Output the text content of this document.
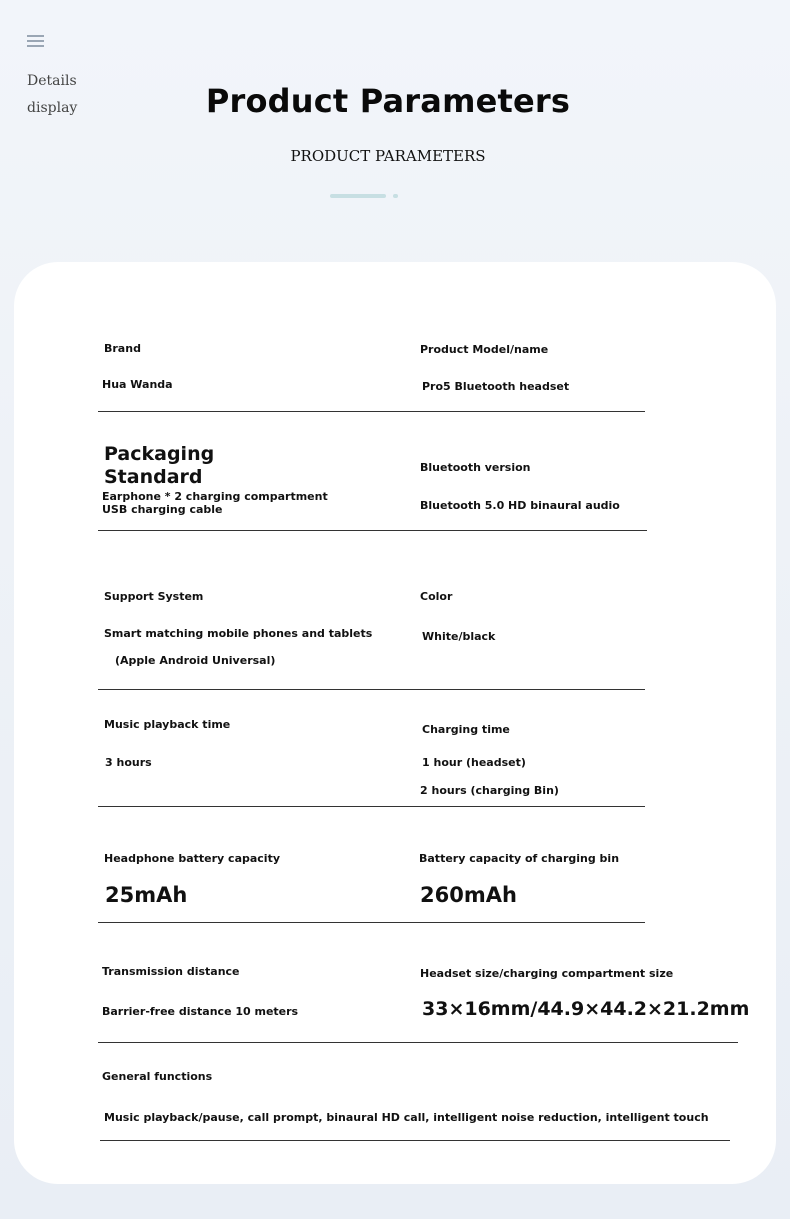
Details
display	Product Parameters
PRODUCT PARAMETERS
Brand
Hua Wanda
Product Model/name
Pro5 Bluetooth headset
Packaging Standard
Earphone * 2 charging compartment USB charging cable
Bluetooth version
Bluetooth 5.0 HD binaural audio
Support System
Smart matching mobile phones and tablets
(Apple Android Universal)
Color
White/black
Music playback time
3 hours
Charging time
1 hour (headset)
2 hours (charging Bin)
Headphone battery capacity
25mAh
Battery capacity of charging bin
260mAh
Transmission distance
Barrier-free distance 10 meters
Headset size/charging compartment size
33×16mm/44.9×44.2×21.2mm
General functions
Music playback/pause, call prompt, binaural HD call, intelligent noise reduction, intelligent touch
